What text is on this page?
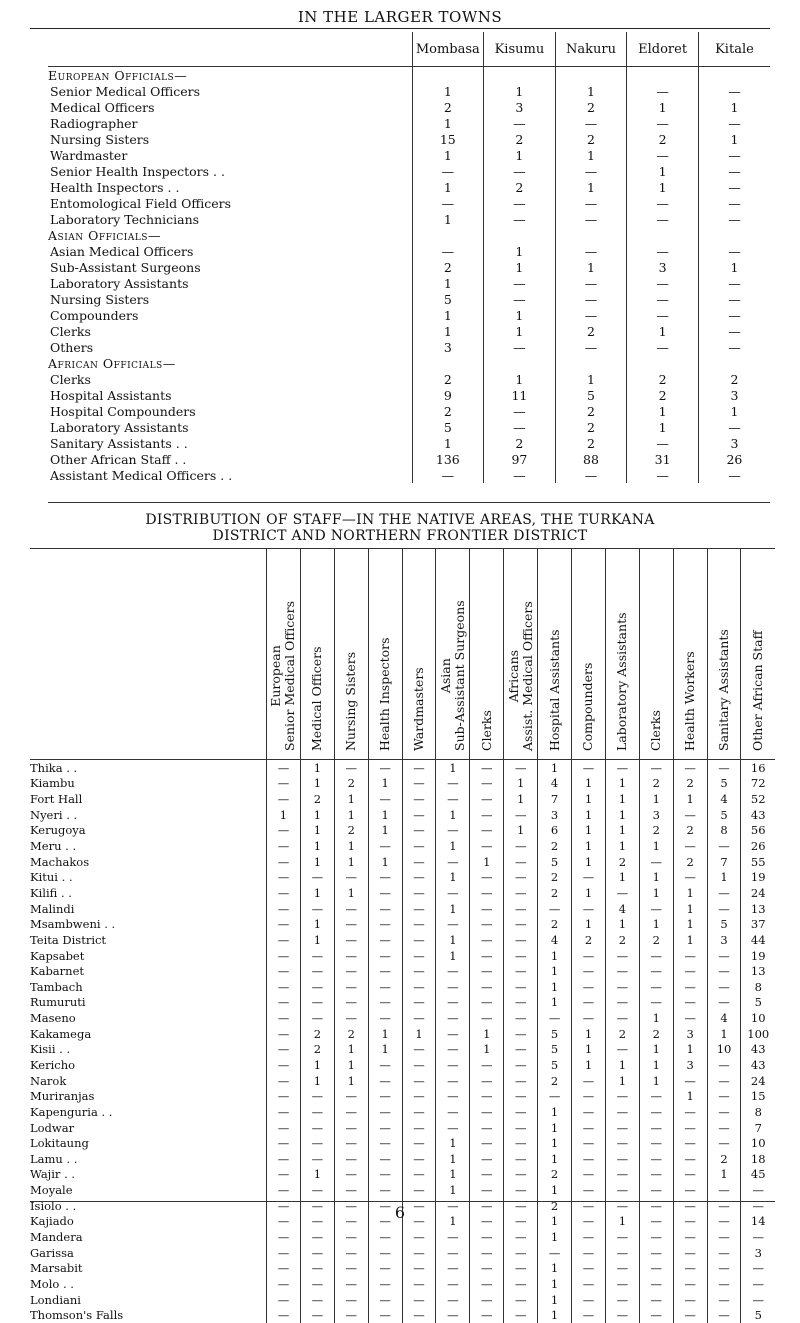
IN THE LARGER TOWNS
	Mombasa	Kisumu	Nakuru	Eldoret	Kitale
European Officials—					
Senior Medical Officers	1	1	1	—	—
Medical Officers	2	3	2	1	1
Radiographer	1	—	—	—	—
Nursing Sisters	15	2	2	2	1
Wardmaster	1	1	1	—	—
Senior Health Inspectors . .	—	—	—	1	—
Health Inspectors . .	1	2	1	1	—
Entomological Field Officers	—	—	—	—	—
Laboratory Technicians	1	—	—	—	—
Asian Officials—					
Asian Medical Officers	—	1	—	—	—
Sub-Assistant Surgeons	2	1	1	3	1
Laboratory Assistants	1	—	—	—	—
Nursing Sisters	5	—	—	—	—
Compounders	1	1	—	—	—
Clerks	1	1	2	1	—
Others	3	—	—	—	—
African Officials—					
Clerks	2	1	1	2	2
Hospital Assistants	9	11	5	2	3
Hospital Compounders	2	—	2	1	1
Laboratory Assistants	5	—	2	1	—
Sanitary Assistants . .	1	2	2	—	3
Other African Staff . .	136	97	88	31	26
Assistant Medical Officers . .	—	—	—	—	—
DISTRIBUTION OF STAFF—IN THE NATIVE AREAS, THE TURKANA
DISTRICT AND NORTHERN FRONTIER DISTRICT

	European Senior Medical Officers	Medical Officers	Nursing Sisters	Health Inspectors	Wardmasters	Asian Sub-Assistant Surgeons	Clerks	Africans Assist. Medical Officers	Hospital Assistants	Compounders	Laboratory Assistants	Clerks	Health Workers	Sanitary Assistants	Other African Staff

Thika . .	—	1	—	—	—	1	—	—	1	—	—	—	—	—	16
Kiambu	—	1	2	1	—	—	—	1	4	1	1	2	2	5	72
Fort Hall	—	2	1	—	—	—	—	1	7	1	1	1	1	4	52
Nyeri . .	1	1	1	1	—	1	—	—	3	1	1	3	—	5	43
Kerugoya	—	1	2	1	—	—	—	1	6	1	1	2	2	8	56
Meru . .	—	1	1	—	—	1	—	—	2	1	1	1	—	—	26
Machakos	—	1	1	1	—	—	1	—	5	1	2	—	2	7	55
Kitui . .	—	—	—	—	—	1	—	—	2	—	1	1	—	1	19
Kilifi . .	—	1	1	—	—	—	—	—	2	1	—	1	1	—	24
Malindi	—	—	—	—	—	1	—	—	—	—	4	—	1	—	13
Msambweni . .	—	1	—	—	—	—	—	—	2	1	1	1	1	5	37
Teita District	—	1	—	—	—	1	—	—	4	2	2	2	1	3	44
Kapsabet	—	—	—	—	—	1	—	—	1	—	—	—	—	—	19
Kabarnet	—	—	—	—	—	—	—	—	1	—	—	—	—	—	13
Tambach	—	—	—	—	—	—	—	—	1	—	—	—	—	—	8
Rumuruti	—	—	—	—	—	—	—	—	1	—	—	—	—	—	5
Maseno	—	—	—	—	—	—	—	—	—	—	—	1	—	4	10
Kakamega	—	2	2	1	1	—	1	—	5	1	2	2	3	1	100
Kisii . .	—	2	1	1	—	—	1	—	5	1	—	1	1	10	43
Kericho	—	1	1	—	—	—	—	—	5	1	1	1	3	—	43
Narok	—	1	1	—	—	—	—	—	2	—	1	1	—	—	24
Muriranjas	—	—	—	—	—	—	—	—	—	—	—	—	1	—	15
Kapenguria . .	—	—	—	—	—	—	—	—	1	—	—	—	—	—	8
Lodwar	—	—	—	—	—	—	—	—	1	—	—	—	—	—	7
Lokitaung	—	—	—	—	—	1	—	—	1	—	—	—	—	—	10
Lamu . .	—	—	—	—	—	1	—	—	1	—	—	—	—	2	18
Wajir . .	—	1	—	—	—	1	—	—	2	—	—	—	—	1	45
Moyale	—	—	—	—	—	1	—	—	1	—	—	—	—	—	—
Isiolo . .	—	—	—	—	—	—	—	—	2	—	—	—	—	—	—
Kajiado	—	—	—	—	—	1	—	—	1	—	1	—	—	—	14
Mandera	—	—	—	—	—	—	—	—	1	—	—	—	—	—	—
Garissa	—	—	—	—	—	—	—	—	—	—	—	—	—	—	3
Marsabit	—	—	—	—	—	—	—	—	1	—	—	—	—	—	—
Molo . .	—	—	—	—	—	—	—	—	1	—	—	—	—	—	—
Londiani	—	—	—	—	—	—	—	—	1	—	—	—	—	—	—
Thomson's Falls	—	—	—	—	—	—	—	—	1	—	—	—	—	—	5
6
